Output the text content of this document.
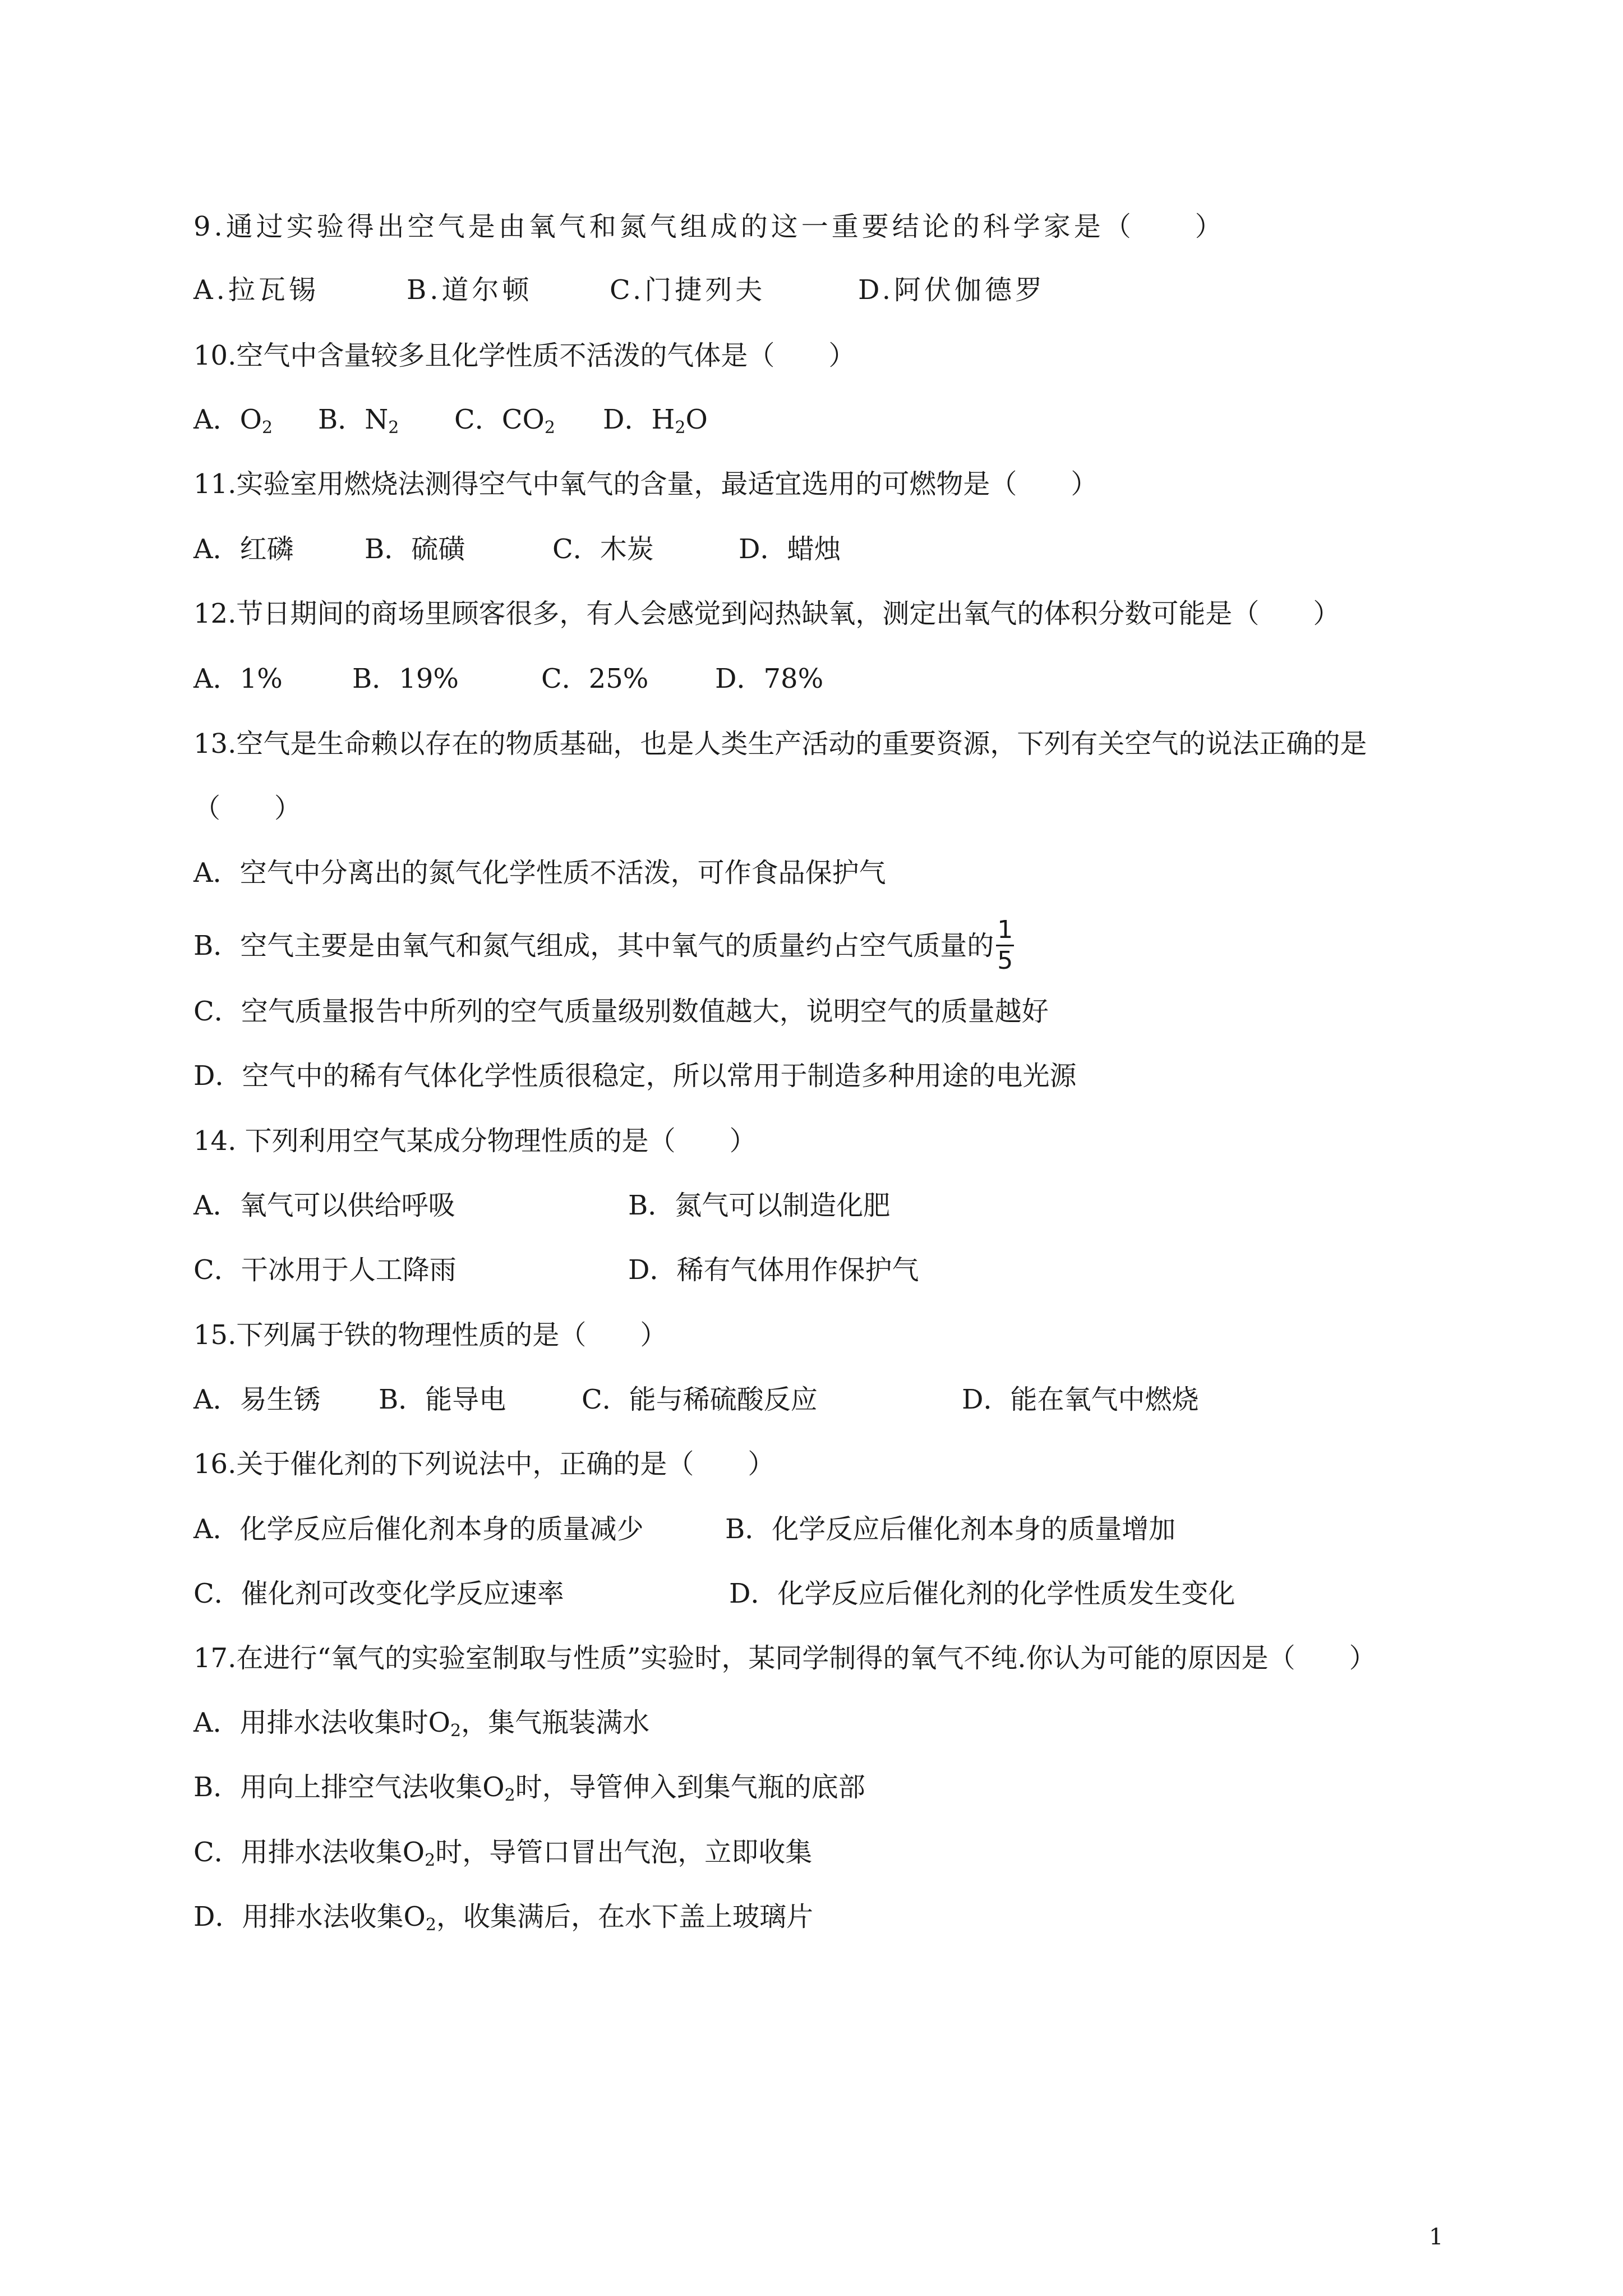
9.通过实验得出空气是由氧气和氮气组成的这一重要结论的科学家是（　　）
A.拉瓦锡	B.道尔顿	C.门捷列夫	D.阿伏伽德罗
10.空气中含量较多且化学性质不活泼的气体是（　　）
A．$O_2$ B．$N_2$ C．$CO_2$ D．$H_2O$
11.实验室用燃烧法测得空气中氧气的含量，最适宜选用的可燃物是（　　）
A．红磷	B．硫磺	C．木炭	D．蜡烛
12.节日期间的商场里顾客很多，有人会感觉到闷热缺氧，测定出氧气的体积分数可能是（　　）
A．1%	B．19%	C．25% D．78%
13.空气是生命赖以存在的物质基础，也是人类生产活动的重要资源，下列有关空气的说法正确的是
（　　）
A．空气中分离出的氮气化学性质不活泼，可作食品保护气
B．空气主要是由氧气和氮气组成，其中氧气的质量约占空气质量的 $\frac{1}{5}$
C．空气质量报告中所列的空气质量级别数值越大，说明空气的质量越好
D．空气中的稀有气体化学性质很稳定，所以常用于制造多种用途的电光源
14. 下列利用空气某成分物理性质的是（　　）
A．氧气可以供给呼吸	B．氮气可以制造化肥
C．干冰用于人工降雨	D．稀有气体用作保护气
15.下列属于铁的物理性质的是（　　）
A．易生锈 B．能导电	C．能与稀硫酸反应	D．能在氧气中燃烧
16.关于催化剂的下列说法中，正确的是（　　）
A．化学反应后催化剂本身的质量减少	B．化学反应后催化剂本身的质量增加
C．催化剂可改变化学反应速率	D．化学反应后催化剂的化学性质发生变化
17.在进行“氧气的实验室制取与性质”实验时，某同学制得的氧气不纯.你认为可能的原因是（　　）
A．用排水法收集时$O_2$，集气瓶装满水
B．用向上排空气法收集$O_2$时，导管伸入到集气瓶的底部
C．用排水法收集$O_2$时，导管口冒出气泡，立即收集
D．用排水法收集$O_2$，收集满后，在水下盖上玻璃片
1
